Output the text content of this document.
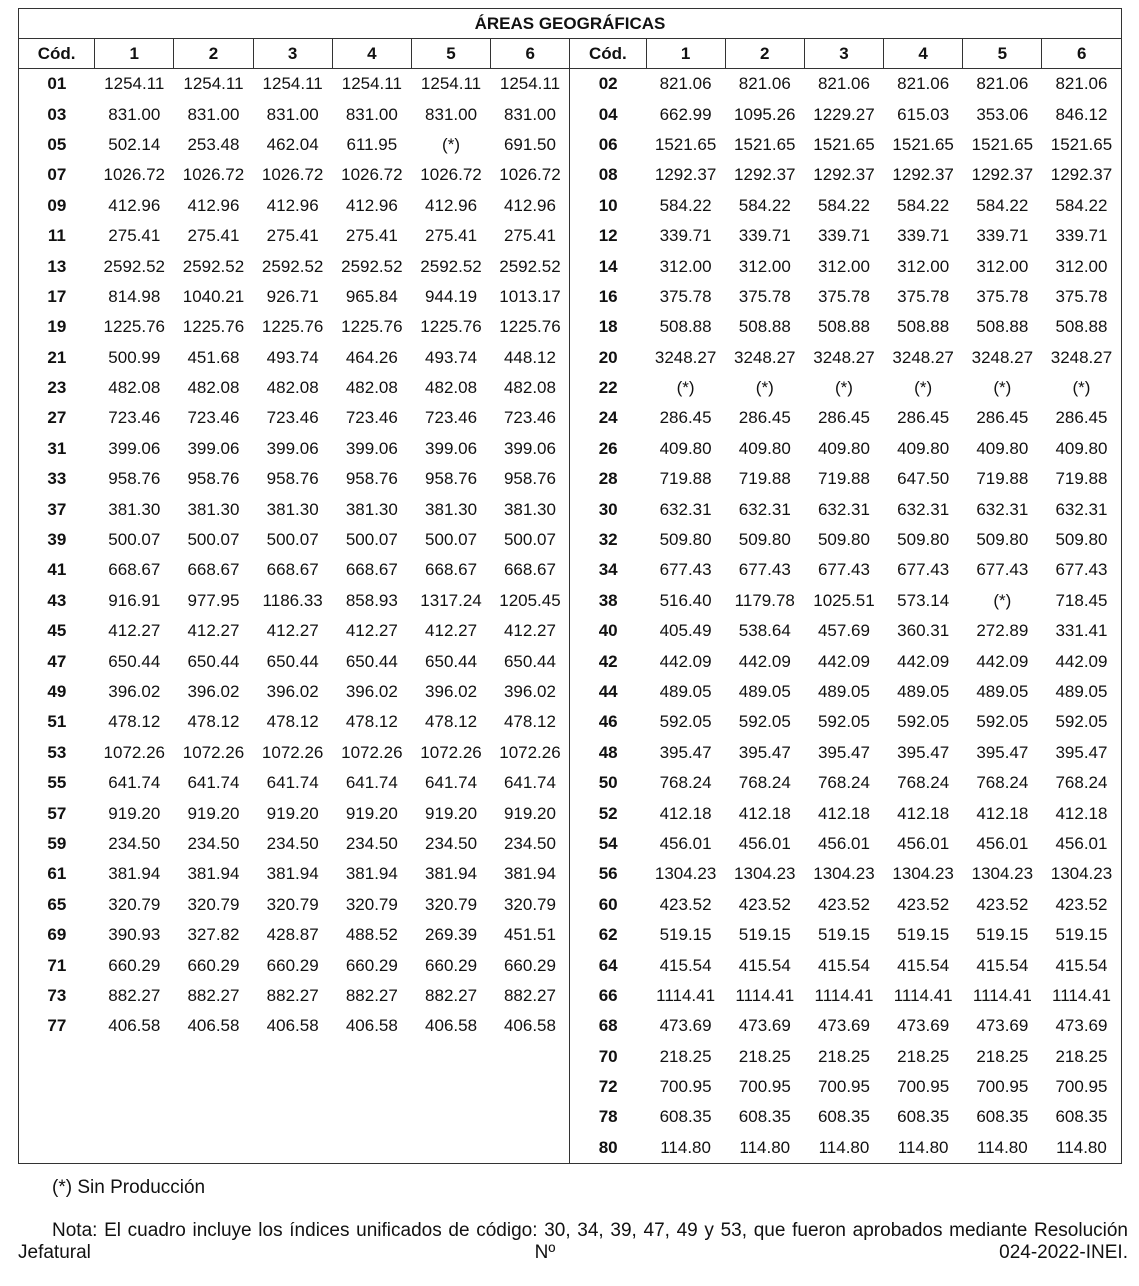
ÁREAS GEOGRÁFICAS													
Cód.	1	2	3	4	5	6	Cód.	1	2	3	4	5	6
01	1254.11	1254.11	1254.11	1254.11	1254.11	1254.11	02	821.06	821.06	821.06	821.06	821.06	821.06
03	831.00	831.00	831.00	831.00	831.00	831.00	04	662.99	1095.26	1229.27	615.03	353.06	846.12
05	502.14	253.48	462.04	611.95	(*)	691.50	06	1521.65	1521.65	1521.65	1521.65	1521.65	1521.65
07	1026.72	1026.72	1026.72	1026.72	1026.72	1026.72	08	1292.37	1292.37	1292.37	1292.37	1292.37	1292.37
09	412.96	412.96	412.96	412.96	412.96	412.96	10	584.22	584.22	584.22	584.22	584.22	584.22
11	275.41	275.41	275.41	275.41	275.41	275.41	12	339.71	339.71	339.71	339.71	339.71	339.71
13	2592.52	2592.52	2592.52	2592.52	2592.52	2592.52	14	312.00	312.00	312.00	312.00	312.00	312.00
17	814.98	1040.21	926.71	965.84	944.19	1013.17	16	375.78	375.78	375.78	375.78	375.78	375.78
19	1225.76	1225.76	1225.76	1225.76	1225.76	1225.76	18	508.88	508.88	508.88	508.88	508.88	508.88
21	500.99	451.68	493.74	464.26	493.74	448.12	20	3248.27	3248.27	3248.27	3248.27	3248.27	3248.27
23	482.08	482.08	482.08	482.08	482.08	482.08	22	(*)	(*)	(*)	(*)	(*)	(*)
27	723.46	723.46	723.46	723.46	723.46	723.46	24	286.45	286.45	286.45	286.45	286.45	286.45
31	399.06	399.06	399.06	399.06	399.06	399.06	26	409.80	409.80	409.80	409.80	409.80	409.80
33	958.76	958.76	958.76	958.76	958.76	958.76	28	719.88	719.88	719.88	647.50	719.88	719.88
37	381.30	381.30	381.30	381.30	381.30	381.30	30	632.31	632.31	632.31	632.31	632.31	632.31
39	500.07	500.07	500.07	500.07	500.07	500.07	32	509.80	509.80	509.80	509.80	509.80	509.80
41	668.67	668.67	668.67	668.67	668.67	668.67	34	677.43	677.43	677.43	677.43	677.43	677.43
43	916.91	977.95	1186.33	858.93	1317.24	1205.45	38	516.40	1179.78	1025.51	573.14	(*)	718.45
45	412.27	412.27	412.27	412.27	412.27	412.27	40	405.49	538.64	457.69	360.31	272.89	331.41
47	650.44	650.44	650.44	650.44	650.44	650.44	42	442.09	442.09	442.09	442.09	442.09	442.09
49	396.02	396.02	396.02	396.02	396.02	396.02	44	489.05	489.05	489.05	489.05	489.05	489.05
51	478.12	478.12	478.12	478.12	478.12	478.12	46	592.05	592.05	592.05	592.05	592.05	592.05
53	1072.26	1072.26	1072.26	1072.26	1072.26	1072.26	48	395.47	395.47	395.47	395.47	395.47	395.47
55	641.74	641.74	641.74	641.74	641.74	641.74	50	768.24	768.24	768.24	768.24	768.24	768.24
57	919.20	919.20	919.20	919.20	919.20	919.20	52	412.18	412.18	412.18	412.18	412.18	412.18
59	234.50	234.50	234.50	234.50	234.50	234.50	54	456.01	456.01	456.01	456.01	456.01	456.01
61	381.94	381.94	381.94	381.94	381.94	381.94	56	1304.23	1304.23	1304.23	1304.23	1304.23	1304.23
65	320.79	320.79	320.79	320.79	320.79	320.79	60	423.52	423.52	423.52	423.52	423.52	423.52
69	390.93	327.82	428.87	488.52	269.39	451.51	62	519.15	519.15	519.15	519.15	519.15	519.15
71	660.29	660.29	660.29	660.29	660.29	660.29	64	415.54	415.54	415.54	415.54	415.54	415.54
73	882.27	882.27	882.27	882.27	882.27	882.27	66	1114.41	1114.41	1114.41	1114.41	1114.41	1114.41
77	406.58	406.58	406.58	406.58	406.58	406.58	68	473.69	473.69	473.69	473.69	473.69	473.69
							70	218.25	218.25	218.25	218.25	218.25	218.25
							72	700.95	700.95	700.95	700.95	700.95	700.95
							78	608.35	608.35	608.35	608.35	608.35	608.35
							80	114.80	114.80	114.80	114.80	114.80	114.80
(*) Sin Producción
Nota: El cuadro incluye los índices unificados de código: 30, 34, 39, 47, 49 y 53, que fueron aprobados mediante Resolución Jefatural Nº 024-2022-INEI.
